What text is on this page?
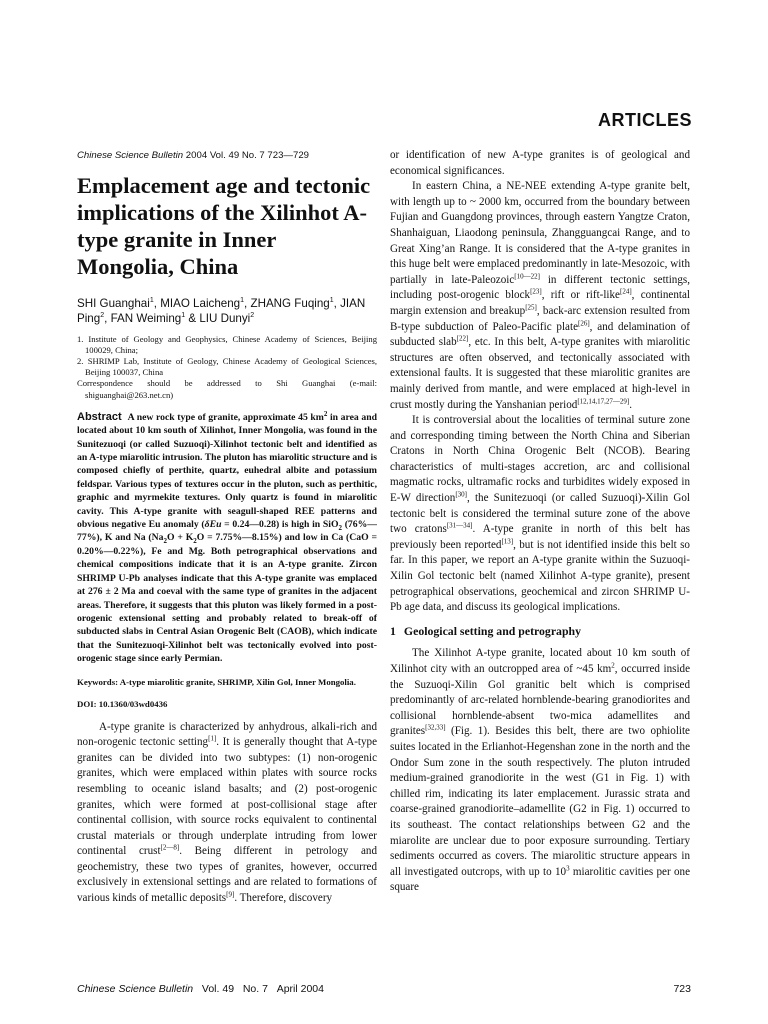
ARTICLES

Chinese Science Bulletin 2004 Vol. 49 No. 7 723—729

Emplacement age and tectonic implications of the Xilinhot A-type granite in Inner Mongolia, China
SHI Guanghai$^1$, MIAO Laicheng$^1$, ZHANG Fuqing$^1$, JIAN Ping$^2$, FAN Weiming$^1$ & LIU Dunyi$^2$
1. Institute of Geology and Geophysics, Chinese Academy of Sciences, Beijing 100029, China;
2. SHRIMP Lab, Institute of Geology, Chinese Academy of Geological Sciences, Beijing 100037, China
Correspondence should be addressed to Shi Guanghai (e-mail: shiguanghai@263.net.cn)
Abstract A new rock type of granite, approximate 45 $km^2$ in area and located about 10 km south of Xilinhot, Inner Mongolia, was found in the Sunitezuoqi (or called Suzuoqi)-Xilinhot tectonic belt and identified as an A-type miarolitic intrusion. The pluton has miarolitic structure and is composed chiefly of perthite, quartz, euhedral albite and potassium feldspar. Various types of textures occur in the pluton, such as perthitic, graphic and myrmekite textures. Only quartz is found in miarolitic cavity. This A-type granite with seagull-shaped REE patterns and obvious negative Eu anomaly (δEu = 0.24—0.28) is high in SiO$_2$ (76%—77%), K and Na ($Na_2O + K_2O$ = 7.75%—8.15%) and low in Ca (CaO = 0.20%—0.22%), Fe and Mg. Both petrographical observations and chemical compositions indicate that it is an A-type granite. Zircon SHRIMP U-Pb analyses indicate that this A-type granite was emplaced at 276 ± 2 Ma and coeval with the same type of granites in the adjacent areas. Therefore, it suggests that this pluton was likely formed in a post-orogenic extensional setting and probably related to break-off of subducted slabs in Central Asian Orogenic Belt (CAOB), which indicate that the Sunitezuoqi-Xilinhot belt was tectonically evolved into post-orogenic stage since early Permian.
Keywords: A-type miarolitic granite, SHRIMP, Xilin Gol, Inner Mongolia.
DOI: 10.1360/03wd0436

A-type granite is characterized by anhydrous, alkali-rich and non-orogenic tectonic setting[1]. It is generally thought that A-type granites can be divided into two subtypes: (1) non-orogenic granites, which were emplaced within plates with source rocks resembling to oceanic island basalts; and (2) post-orogenic granites, which were formed at post-collisional stage after continental collision, with source rocks equivalent to continental crustal materials or through underplate intruding from lower continental crust[2—8]. Being different in petrology and geochemistry, these two types of granites, however, occurred exclusively in extensional settings and are related to formations of various kinds of metallic deposits[9]. Therefore, discovery

or identification of new A-type granites is of geological and economical significances.

In eastern China, a NE-NEE extending A-type granite belt, with length up to ~ 2000 km, occurred from the boundary between Fujian and Guangdong provinces, through eastern Yangtze Craton, Shanhaiguan, Liaodong peninsula, Zhangguangcai Range, and to Great Xing’an Range. It is considered that the A-type granites in this huge belt were emplaced predominantly in late-Mesozoic, with partially in late-Paleozoic[10—22] in different tectonic settings, including post-orogenic block[23], rift or rift-like[24], continental margin extension and breakup[25], back-arc extension resulted from B-type subduction of Paleo-Pacific plate[26], and delamination of subducted slab[22], etc. In this belt, A-type granites with miarolitic structures are often observed, and tectonically associated with extensional faults. It is suggested that these miarolitic granites are mainly derived from mantle, and were emplaced at high-level in crust mostly during the Yanshanian period[12,14,17,27—29].

It is controversial about the localities of terminal suture zone and corresponding timing between the North China and Siberian Cratons in North China Orogenic Belt (NCOB). Bearing characteristics of multi-stages accretion, arc and collisional magmatic rocks, ultramafic rocks and turbidites widely exposed in E-W direction[30], the Sunitezuoqi (or called Suzuoqi)-Xilin Gol tectonic belt is considered the terminal suture zone of the above two cratons[31—34]. A-type granite in north of this belt has previously been reported[13], but is not identified inside this belt so far. In this paper, we report an A-type granite within the Suzuoqi-Xilin Gol tectonic belt (named Xilinhot A-type granite), present petrographical observations, geochemical and zircon SHRIMP U-Pb age data, and discuss its geological implications.

1 Geological setting and petrography

The Xilinhot A-type granite, located about 10 km south of Xilinhot city with an outcropped area of ~45 $km^2$, occurred inside the Suzuoqi-Xilin Gol granitic belt which is comprised predominantly of arc-related hornblende-bearing granodiorites and collisional hornblende-absent two-mica adamellites and granites[32,33] (Fig. 1). Besides this belt, there are two ophiolite suites located in the Erlianhot-Hegenshan zone in the north and the Ondor Sum zone in the south respectively. The pluton intruded medium-grained granodiorite in the west (G1 in Fig. 1) with chilled rim, indicating its later emplacement. Jurassic strata and coarse-grained granodiorite–adamellite (G2 in Fig. 1) occurred to its southeast. The contact relationships between G2 and the miarolite are unclear due to poor exposure surrounding. Tertiary sediments occurred as covers. The miarolitic structure appears in all investigated outcrops, with up to $10^3$ miarolitic cavities per one square

Chinese Science Bulletin Vol. 49 No. 7 April 2004	723
